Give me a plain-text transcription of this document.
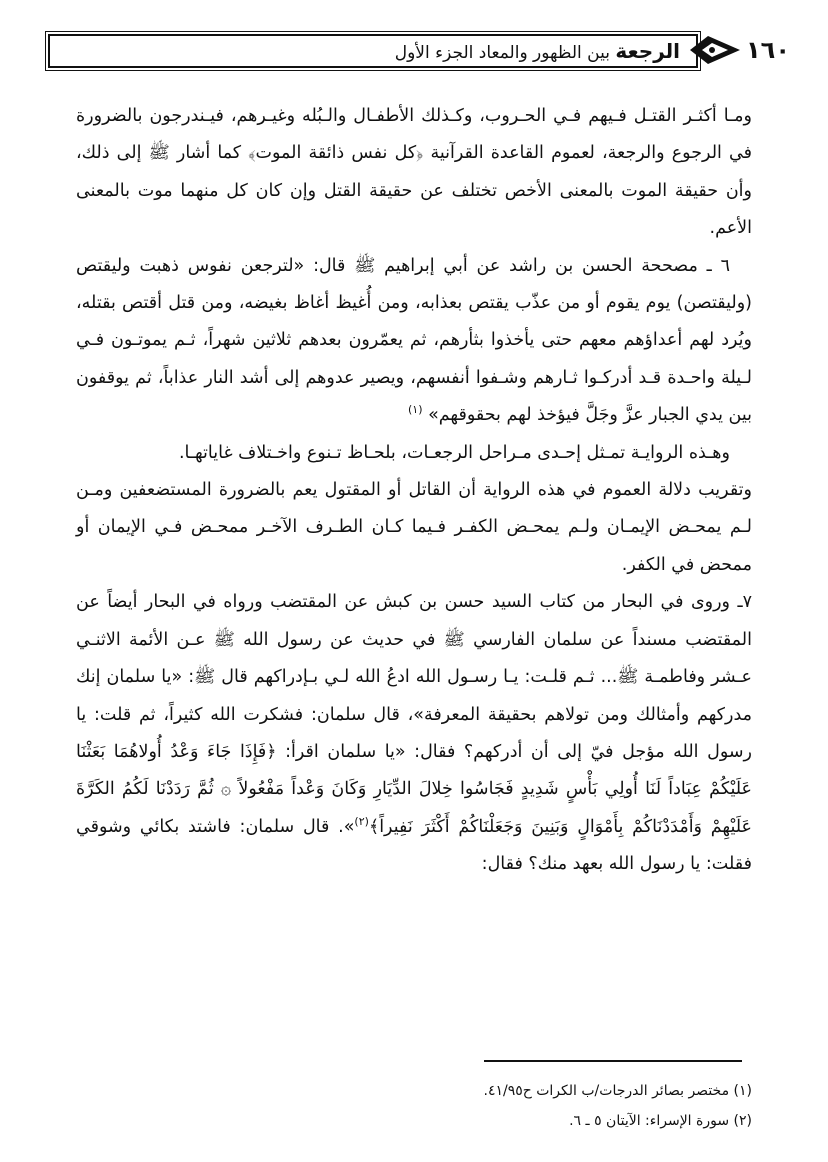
الرجعة بين الظهور والمعاد الجزء الأول	١٦٠

ومـا أكثـر القتـل فـيهم فـي الحـروب، وكـذلك الأطفـال والـبُله وغيـرهم، فيـندرجون بالضرورة في الرجوع والرجعة، لعموم القاعدة القرآنية ﴿كل نفس ذائقة الموت﴾ كما أشار ﷺ إلى ذلك، وأن حقيقة الموت بالمعنى الأخص تختلف عن حقيقة القتل وإن كان كل منهما موت بالمعنى الأعم.

٦ ـ مصححة الحسن بن راشد عن أبي إبراهيم ﷺ قال: «لترجعن نفوس ذهبت وليقتص (وليقتصن) يوم يقوم أو من عذّب يقتص بعذابه، ومن أُغيظ أغاظ بغيضه، ومن قتل أقتص بقتله، ويُرد لهم أعداؤهم معهم حتى يأخذوا بثأرهم، ثم يعمّرون بعدهم ثلاثين شهراً، ثـم يموتـون فـي لـيلة واحـدة قـد أدركـوا ثـارهم وشـفوا أنفسهم، ويصير عدوهم إلى أشد النار عذاباً، ثم يوقفون بين يدي الجبار عزَّ وجَلَّ فيؤخذ لهم بحقوقهم» $^{(١)}$

وهـذه الروايـة تمـثل إحـدى مـراحل الرجعـات، بلحـاظ تـنوع واخـتلاف غاياتهـا.

وتقريب دلالة العموم في هذه الرواية أن القاتل أو المقتول يعم بالضرورة المستضعفين ومـن لـم يمحـض الإيمـان ولـم يمحـض الكفـر فـيما كـان الطـرف الآخـر ممحـض فـي الإيمان أو ممحض في الكفر.

٧ـ وروى في البحار من كتاب السيد حسن بن كبش عن المقتضب ورواه في البحار أيضاً عن المقتضب مسنداً عن سلمان الفارسي ﷺ في حديث عن رسول الله ﷺ عـن الأئمة الاثنـي عـشر وفاطمـة ﷺ... ثـم قلـت: يـا رسـول الله ادعُ الله لـي بـإدراكهم قال ﷺ: «يا سلمان إنك مدركهم وأمثالك ومن تولاهم بحقيقة المعرفة»، قال سلمان: فشكرت الله كثيراً، ثم قلت: يا رسول الله مؤجل فيّ إلى أن أدركهم؟ فقال: «يا سلمان اقرأ: ﴿فَإِذَا جَاءَ وَعْدُ أُولاهُمَا بَعَثْنَا عَلَيْكُمْ عِبَاداً لَنَا أُولِي بَأْسٍ شَدِيدٍ فَجَاسُوا خِلالَ الدِّيَارِ وَكَانَ وَعْداً مَفْعُولاً ۞ ثُمَّ رَدَدْنَا لَكُمُ الكَرَّةَ عَلَيْهِمْ وَأَمْدَدْنَاكُمْ بِأَمْوَالٍ وَبَنِينَ وَجَعَلْنَاكُمْ أَكْثَرَ نَفِيراً﴾$^{(٢)}$». قال سلمان: فاشتد بكائي وشوقي فقلت: يا رسول الله بعهد منك؟ فقال:

(١) مختصر بصائر الدرجات/ب الكرات ح٤١/٩٥.

(٢) سورة الإسراء: الآيتان ٥ ـ ٦.
